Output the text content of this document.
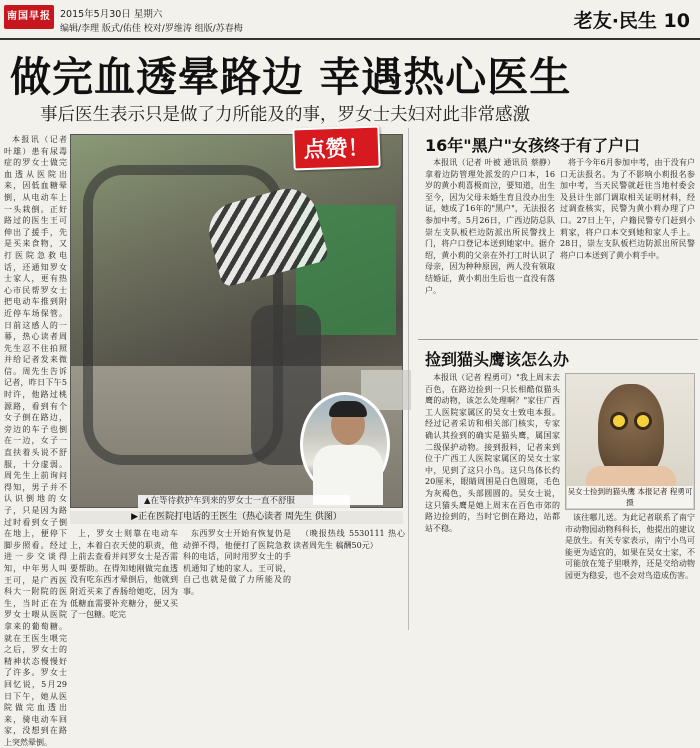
南国早报 2015年5月30日 星期六
编辑/李理 版式/佑佳 校对/罗维涛 组版/苏春梅	老友·民生 10
做完血透晕路边 幸遇热心医生
事后医生表示只是做了力所能及的事，罗女士夫妇对此非常感激

本报讯（记者 叶雄）患有尿毒症的罗女士做完血透从医院出来，因低血糖晕倒，从电动车上一头栽倒。正好路过的医生王可伸出了援手，先是买来食物，又打医院急救电话，还通知罗女士家人，更有热心市民帮罗女士把电动车推到附近停车场保管。日前这感人的一幕，热心读者周先生忍不住拍照并给记者发来微信。周先生告诉记者，昨日下午5时许，他路过桃源路，看到有个女子倒在路边，旁边的车子也倒在一边，女子一直扶着头说不舒服，十分虚弱。周先生上前询问得知，男子并不认识倒地的女子，只是因为路过时看到女子倒在地上，便停下脚步照看。经过进一步交谈得知，中年男人叫王可，是广西医科大一附院的医生，当时正在为罗女士喂从医院拿来的葡萄糖。就在王医生喂完之后，罗女士的精神状态慢慢好了许多。罗女士回忆说，5月29日下午，她从医院做完血透出来，骑电动车回家，没想到在路上突然晕倒。

点赞！
▲在等待救护车到来的罗女士一直不舒服
▶正在医院打电话的王医生（热心读者 周先生 供图）

上，罗女士则靠在电动车上，本着白衣天使的职责，他上前去查看并问罗女士是否需要帮助。在得知她刚做完血透没有吃东西才晕倒后，他就到附近买来了香肠给她吃，因为低糖血需要补充糖分，便又买了一包糖。吃完

东西罗女士开始有恢复仍是动弹不得，他便打了医院急救科的电话，同时用罗女士的手机通知了她的家人。王可说，自己也就是做了力所能及的事。

（晚报热线 5530111 热心读者周先生 稿酬50元）

16年"黑户"女孩终于有了户口

本报讯（记者 叶被 通讯员 蔡静）拿着边防管理处派发的户口本，16岁的黄小莉喜极而泣，要知道，出生至今，因为父母未婚生育且没办出生证，她成了16年的"黑户"，无法报名参加中考。5月26日，广西边防总队崇左支队板栏边防派出所民警找上门，将户口登记本送到她家中。据介绍，黄小莉的父亲在外打工时认识了母亲，因为种种原因，两人没有领取结婚证，黄小莉出生后也一直没有落户。

将于今年6月参加中考，由于没有户口无法报名。为了不影响小莉报名参加中考，当天民警就赶往当地村委会及县计生部门调取相关证明材料，经过调查核实，民警为黄小莉办理了户口。27日上午，户籍民警专门赶到小莉家，将户口本交到她和家人手上。28日，崇左支队板栏边防派出所民警将户口本送到了黄小莉手中。

捡到猫头鹰该怎么办

本报讯（记者 程勇可）"我上周末去百色，在路边捡到一只长相酷似猫头鹰的动物，该怎么处理啊？"家住广西工人医院家属区的吴女士致电本报。经过记者采访和相关部门核实，专家确认其捡到的确实是猫头鹰，属国家二级保护动物。接到报料，记者来到位于广西工人医院家属区的吴女士家中，见到了这只小鸟。这只鸟体长约20厘米，眼睛周围是白色圆斑，毛色为灰褐色，头部圆圆的。吴女士说，这只猫头鹰是她上周末在百色市郊的路边捡到的，当时它倒在路边，站都站不稳。

吴女士捡到的猫头鹰 本报记者 程勇可 摄

该往哪儿送。为此记者联系了南宁市动物园动物科科长，他提出的建议是放生。有关专家表示，南宁小鸟可能更为适宜的，如果在吴女士家，不可能放在笼子里喂养，还是交给动物园更为稳妥，也不会对鸟造成伤害。
